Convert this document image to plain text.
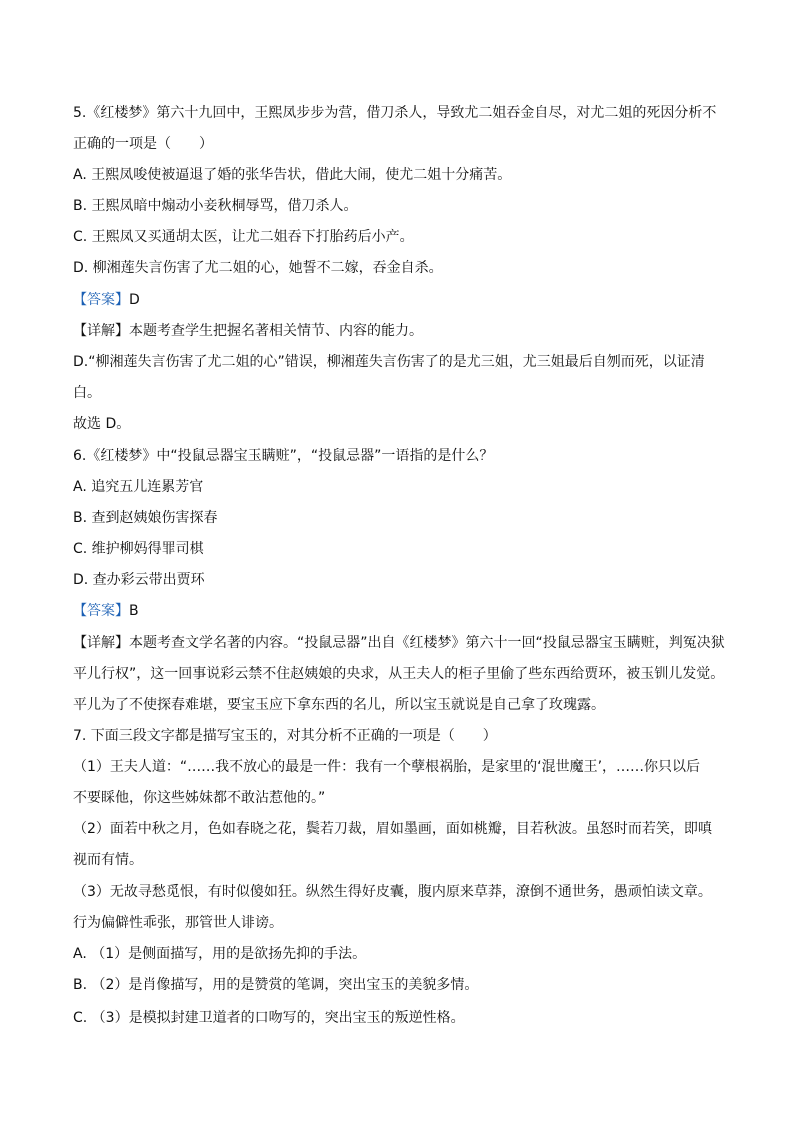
5.《红楼梦》第六十九回中，王熙凤步步为营，借刀杀人，导致尤二姐吞金自尽，对尤二姐的死因分析不
正确的一项是（　　）
A. 王熙凤唆使被逼退了婚的张华告状，借此大闹，使尤二姐十分痛苦。
B. 王熙凤暗中煽动小妾秋桐辱骂，借刀杀人。
C. 王熙凤又买通胡太医，让尤二姐吞下打胎药后小产。
D. 柳湘莲失言伤害了尤二姐的心，她誓不二嫁，吞金自杀。
【答案】D
【详解】本题考查学生把握名著相关情节、内容的能力。
D.“柳湘莲失言伤害了尤二姐的心”错误，柳湘莲失言伤害了的是尤三姐，尤三姐最后自刎而死，以证清
白。
故选 D。
6.《红楼梦》中“投鼠忌器宝玉瞒赃”，“投鼠忌器”一语指的是什么？
A. 追究五儿连累芳官
B. 查到赵姨娘伤害探春
C. 维护柳妈得罪司棋
D. 查办彩云带出贾环
【答案】B
【详解】本题考查文学名著的内容。“投鼠忌器”出自《红楼梦》第六十一回“投鼠忌器宝玉瞒赃，判冤决狱
平儿行权”，这一回事说彩云禁不住赵姨娘的央求，从王夫人的柜子里偷了些东西给贾环，被玉钏儿发觉。
平儿为了不使探春难堪，要宝玉应下拿东西的名儿，所以宝玉就说是自己拿了玫瑰露。
7. 下面三段文字都是描写宝玉的，对其分析不正确的一项是（　　）
（1）王夫人道：“……我不放心的最是一件：我有一个孽根祸胎，是家里的‘混世魔王’，……你只以后
不要睬他，你这些姊妹都不敢沾惹他的。”
（2）面若中秋之月，色如春晓之花，鬓若刀裁，眉如墨画，面如桃瓣，目若秋波。虽怒时而若笑，即嗔
视而有情。
（3）无故寻愁觅恨，有时似傻如狂。纵然生得好皮囊，腹内原来草莽，潦倒不通世务，愚顽怕读文章。
行为偏僻性乖张，那管世人诽谤。
A. （1）是侧面描写，用的是欲扬先抑的手法。
B. （2）是肖像描写，用的是赞赏的笔调，突出宝玉的美貌多情。
C. （3）是模拟封建卫道者的口吻写的，突出宝玉的叛逆性格。
